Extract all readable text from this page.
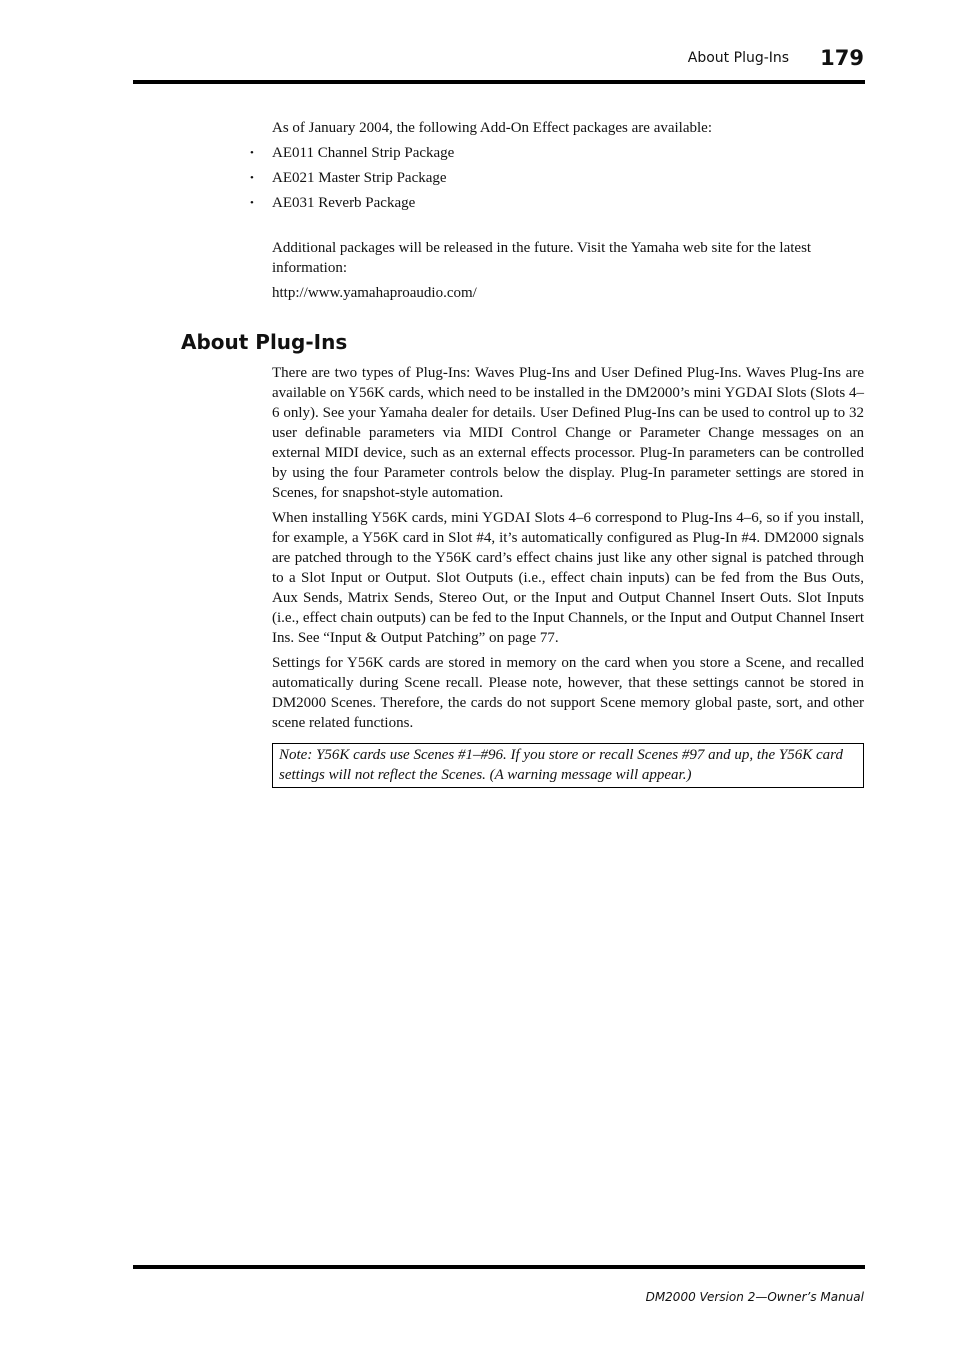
About Plug-Ins 179

As of January 2004, the following Add-On Effect packages are available:

• AE011 Channel Strip Package
• AE021 Master Strip Package
• AE031 Reverb Package

Additional packages will be released in the future. Visit the Yamaha web site for the latest information:

http://www.yamahaproaudio.com/

About Plug-Ins

There are two types of Plug-Ins: Waves Plug-Ins and User Defined Plug-Ins. Waves Plug-Ins are available on Y56K cards, which need to be installed in the DM2000’s mini YGDAI Slots (Slots 4–6 only). See your Yamaha dealer for details. User Defined Plug-Ins can be used to control up to 32 user definable parameters via MIDI Control Change or Parameter Change messages on an external MIDI device, such as an external effects processor. Plug-In parameters can be controlled by using the four Parameter controls below the display. Plug-In parameter settings are stored in Scenes, for snapshot-style automation.

When installing Y56K cards, mini YGDAI Slots 4–6 correspond to Plug-Ins 4–6, so if you install, for example, a Y56K card in Slot #4, it’s automatically configured as Plug-In #4. DM2000 signals are patched through to the Y56K card’s effect chains just like any other signal is patched through to a Slot Input or Output. Slot Outputs (i.e., effect chain inputs) can be fed from the Bus Outs, Aux Sends, Matrix Sends, Stereo Out, or the Input and Output Channel Insert Outs. Slot Inputs (i.e., effect chain outputs) can be fed to the Input Channels, or the Input and Output Channel Insert Ins. See “Input & Output Patching” on page 77.

Settings for Y56K cards are stored in memory on the card when you store a Scene, and recalled automatically during Scene recall. Please note, however, that these settings cannot be stored in DM2000 Scenes. Therefore, the cards do not support Scene memory global paste, sort, and other scene related functions.

Note: Y56K cards use Scenes #1–#96. If you store or recall Scenes #97 and up, the Y56K card settings will not reflect the Scenes. (A warning message will appear.)
DM2000 Version 2—Owner’s Manual
